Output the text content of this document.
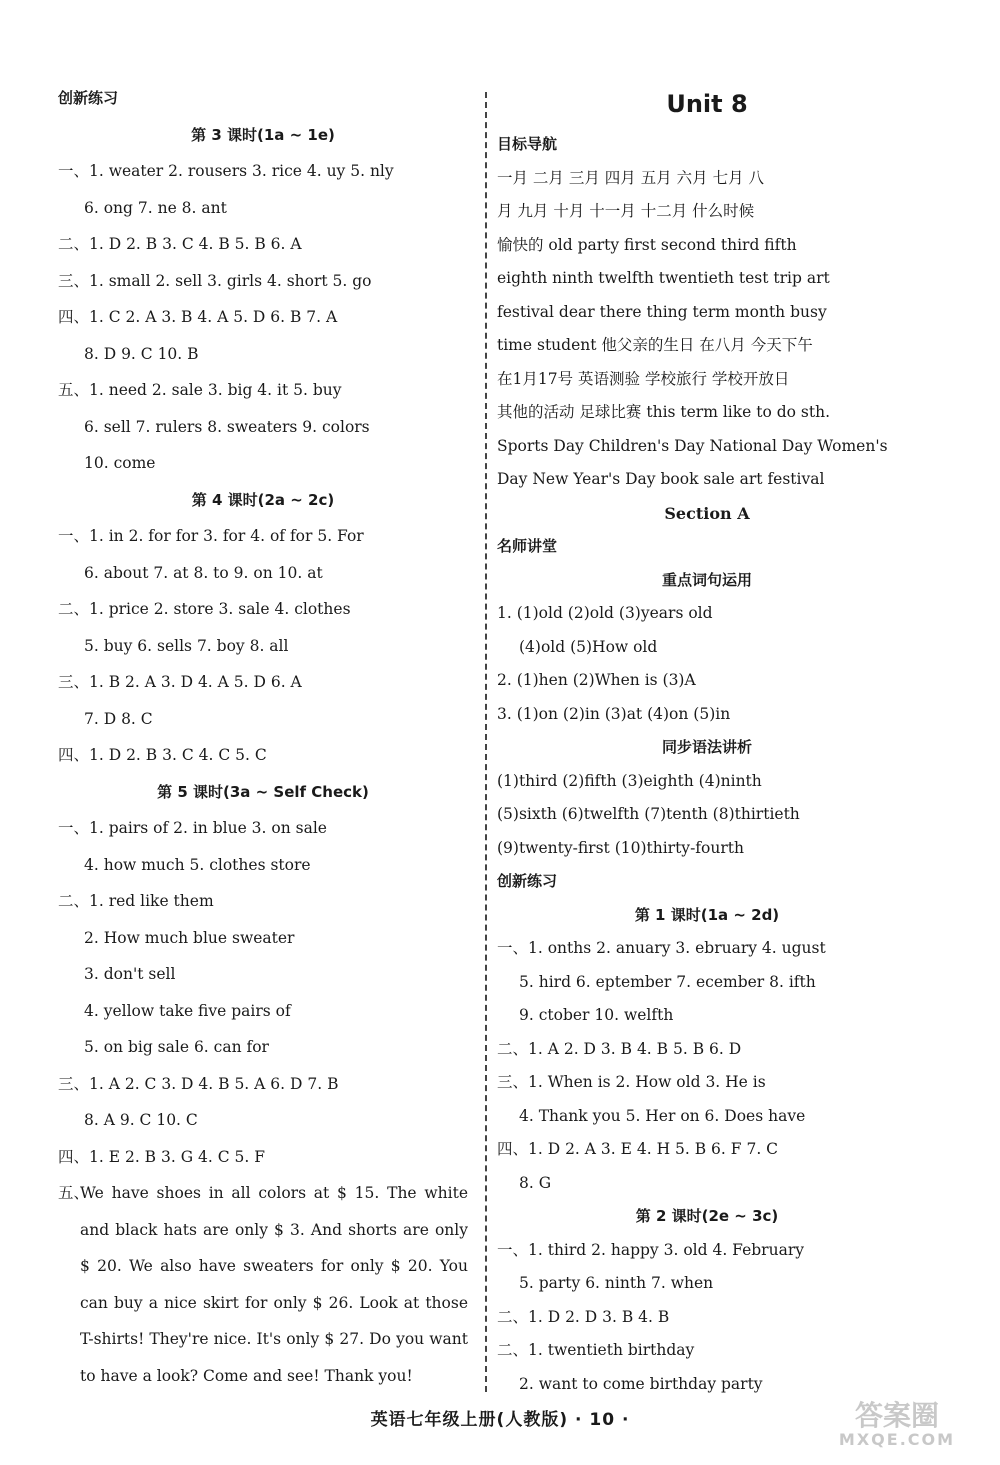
创新练习
第 3 课时(1a ~ 1e)
一、1. weater 2. rousers 3. rice 4. uy 5. nly
6. ong 7. ne 8. ant
二、1. D 2. B 3. C 4. B 5. B 6. A
三、1. small 2. sell 3. girls 4. short 5. go
四、1. C 2. A 3. B 4. A 5. D 6. B 7. A
8. D 9. C 10. B
五、1. need 2. sale 3. big 4. it 5. buy
6. sell 7. rulers 8. sweaters 9. colors
10. come
第 4 课时(2a ~ 2c)
一、1. in 2. for for 3. for 4. of for 5. For
6. about 7. at 8. to 9. on 10. at
二、1. price 2. store 3. sale 4. clothes
5. buy 6. sells 7. boy 8. all
三、1. B 2. A 3. D 4. A 5. D 6. A
7. D 8. C
四、1. D 2. B 3. C 4. C 5. C
第 5 课时(3a ~ Self Check)
一、1. pairs of 2. in blue 3. on sale
4. how much 5. clothes store
二、1. red like them
2. How much blue sweater
3. don't sell
4. yellow take five pairs of
5. on big sale 6. can for
三、1. A 2. C 3. D 4. B 5. A 6. D 7. B
8. A 9. C 10. C
四、1. E 2. B 3. G 4. C 5. F
五、
We have shoes in all colors at $ 15. The white and black hats are only $ 3. And shorts are only $ 20. We also have sweaters for only $ 20. You can buy a nice skirt for only $ 26. Look at those T-shirts! They're nice. It's only $ 27. Do you want to have a look? Come and see! Thank you!
Unit 8
目标导航
一月 二月 三月 四月 五月 六月 七月 八
月 九月 十月 十一月 十二月 什么时候
愉快的 old party first second third fifth
eighth ninth twelfth twentieth test trip art
festival dear there thing term month busy
time student 他父亲的生日 在八月 今天下午
在1月17号 英语测验 学校旅行 学校开放日
其他的活动 足球比赛 this term like to do sth.
Sports Day Children's Day National Day Women's
Day New Year's Day book sale art festival
Section A
名师讲堂
重点词句运用
1. (1)old (2)old (3)years old
(4)old (5)How old
2. (1)hen (2)When is (3)A
3. (1)on (2)in (3)at (4)on (5)in
同步语法讲析
(1)third (2)fifth (3)eighth (4)ninth
(5)sixth (6)twelfth (7)tenth (8)thirtieth
(9)twenty-first (10)thirty-fourth
创新练习
第 1 课时(1a ~ 2d)
一、1. onths 2. anuary 3. ebruary 4. ugust
5. hird 6. eptember 7. ecember 8. ifth
9. ctober 10. welfth
二、1. A 2. D 3. B 4. B 5. B 6. D
三、1. When is 2. How old 3. He is
4. Thank you 5. Her on 6. Does have
四、1. D 2. A 3. E 4. H 5. B 6. F 7. C
8. G
第 2 课时(2e ~ 3c)
一、1. third 2. happy 3. old 4. February
5. party 6. ninth 7. when
二、1. D 2. D 3. B 4. B
二、1. twentieth birthday
2. want to come birthday party
英语七年级上册(人教版) · 10 ·	答案圈
MXQE.COM
